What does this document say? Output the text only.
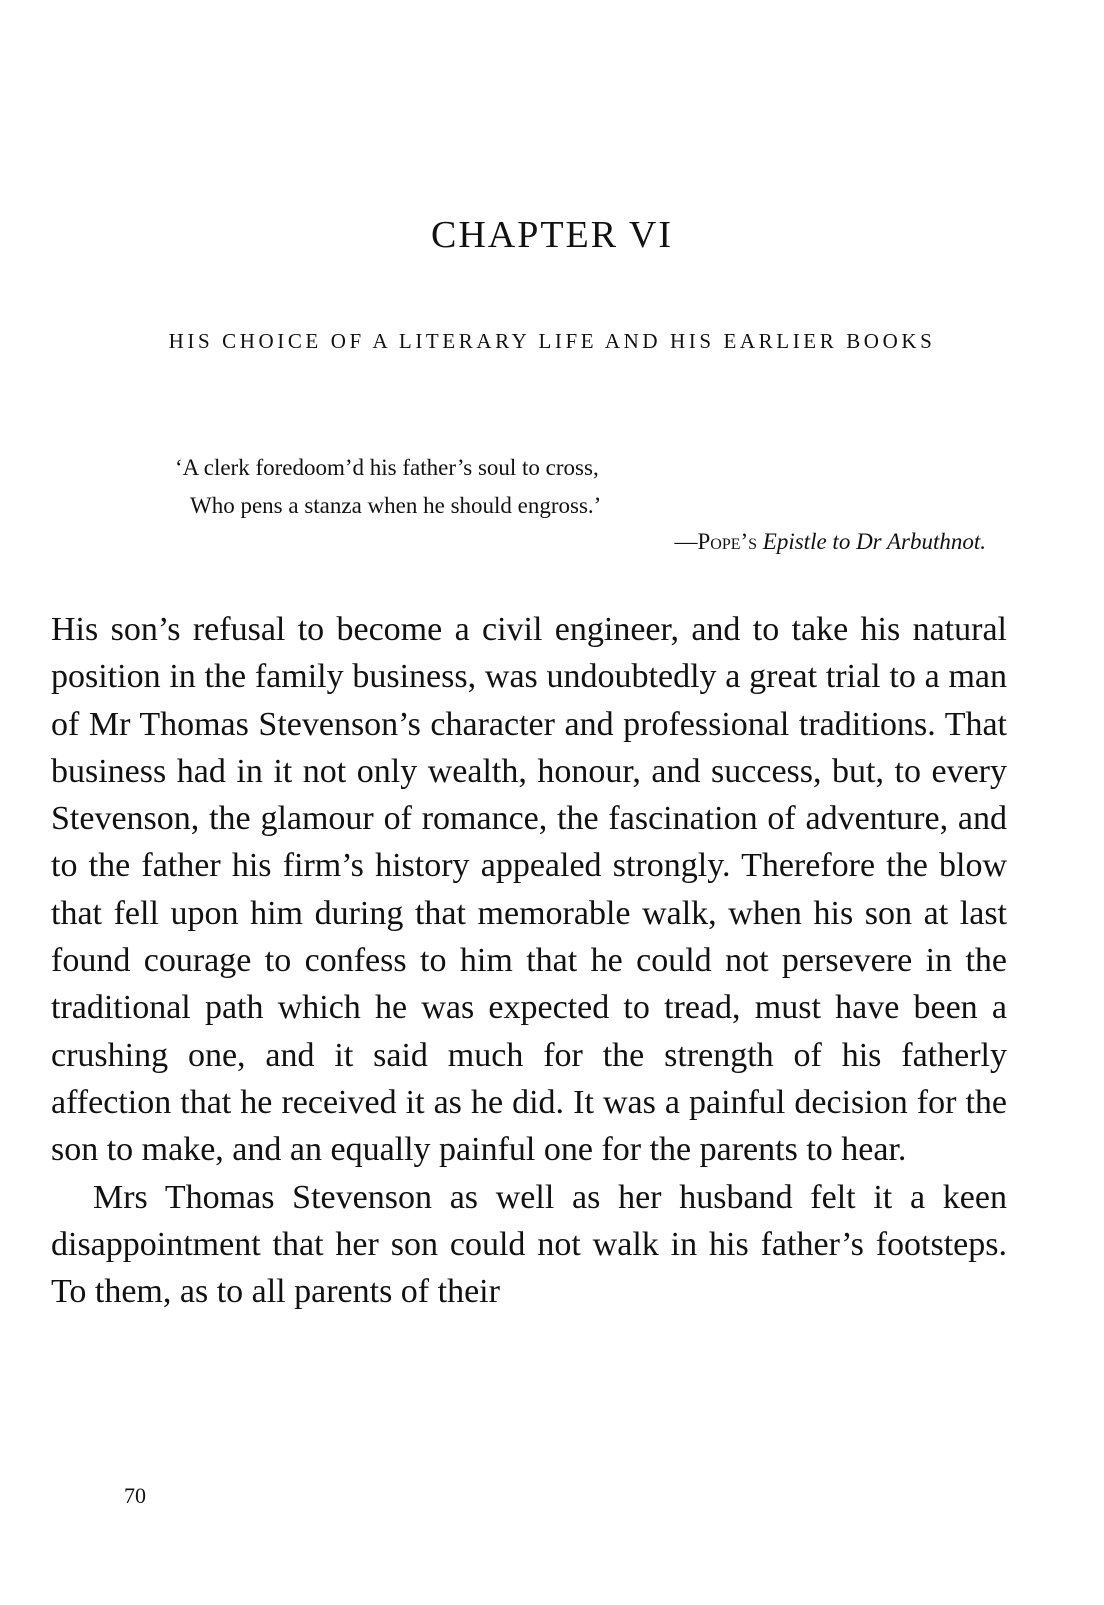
CHAPTER VI
HIS CHOICE OF A LITERARY LIFE AND HIS EARLIER BOOKS
‘A clerk foredoom’d his father’s soul to cross,
Who pens a stanza when he should engross.’
—Pope’s Epistle to Dr Arbuthnot.

His son’s refusal to become a civil engineer, and to take his natural position in the family business, was undoubtedly a great trial to a man of Mr Thomas Stevenson’s character and professional traditions. That business had in it not only wealth, honour, and success, but, to every Stevenson, the glamour of romance, the fascination of adventure, and to the father his firm’s history appealed strongly. Therefore the blow that fell upon him during that memorable walk, when his son at last found courage to confess to him that he could not persevere in the traditional path which he was expected to tread, must have been a crushing one, and it said much for the strength of his fatherly affection that he received it as he did. It was a painful decision for the son to make, and an equally painful one for the parents to hear.

Mrs Thomas Stevenson as well as her husband felt it a keen disappointment that her son could not walk in his father’s footsteps. To them, as to all parents of their

70
